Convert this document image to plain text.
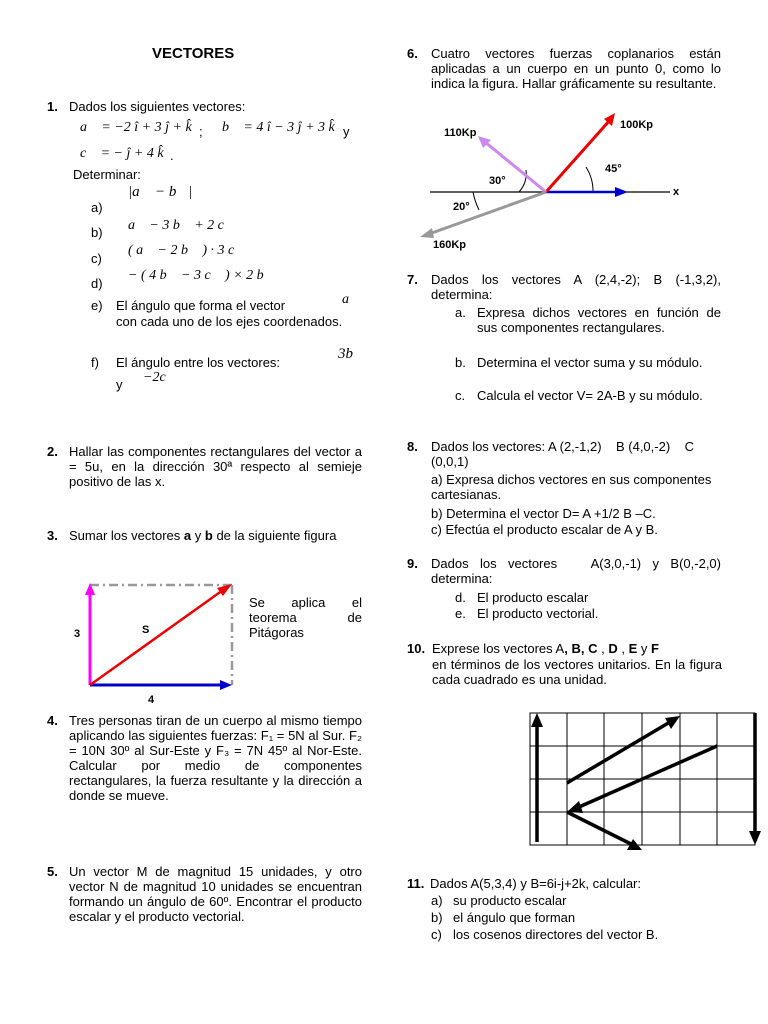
VECTORES
1. Dados los siguientes vectores:
a⃗ = −2 î + 3 ĵ + k̂ ; b⃗ = 4 î − 3 ĵ + 3 k̂ y
c⃗ = − ĵ + 4 k̂ .
Determinar:
a)
|a⃗ − b⃗|
b) a⃗ − 3 b⃗ + 2 c⃗
c)
( a⃗ − 2 b⃗ ) · 3 c⃗
d)
− ( 4 b⃗ − 3 c⃗ ) × 2 b⃗
e) El ángulo que forma el vector	a⃗
con cada uno de los ejes coordenados.
f) El ángulo entre los vectores:
3b⃗
y −2c⃗
2. Hallar las componentes rectangulares del vector a = 5u, en la dirección 30ª respecto al semieje positivo de las x.
3. Sumar los vectores a y b de la siguiente figura
3
4
S
Se aplica el teorema de Pitágoras
4. Tres personas tiran de un cuerpo al mismo tiempo aplicando las siguientes fuerzas: F₁ = 5N al Sur. F₂ = 10N 30º al Sur-Este y F₃ = 7N 45º al Nor-Este. Calcular por medio de componentes rectangulares, la fuerza resultante y la dirección a donde se mueve.
5. Un vector M de magnitud 15 unidades, y otro vector N de magnitud 10 unidades se encuentran formando un ángulo de 60º. Encontrar el producto escalar y el producto vectorial.
6. Cuatro vectores fuerzas coplanarios están aplicadas a un cuerpo en un punto 0, como lo indica la figura. Hallar gráficamente su resultante.
x
100Kp
110Kp
160Kp
45°
30°
20°
7. Dados los vectores A (2,4,-2); B (-1,3,2), determina:
a. Expresa dichos vectores en función de sus componentes rectangulares.
b. Determina el vector suma y su módulo.
c. Calcula el vector V= 2A-B y su módulo.
8. Dados los vectores: A (2,-1,2)    B (4,0,-2)    C (0,0,1)
a) Expresa dichos vectores en sus componentes cartesianas.
b) Determina el vector D= A +1/2 B –C.
c) Efectúa el producto escalar de A y B.
9. Dados los vectores   A(3,0,-1) y B(0,-2,0) determina:
d. El producto escalar
e. El producto vectorial.
10. Exprese los vectores A, B, C , D , E y F
en términos de los vectores unitarios. En la figura cada cuadrado es una unidad.
11. Dados A(5,3,4) y B=6i-j+2k, calcular:
a) su producto escalar
b) el ángulo que forman
c) los cosenos directores del vector B.
